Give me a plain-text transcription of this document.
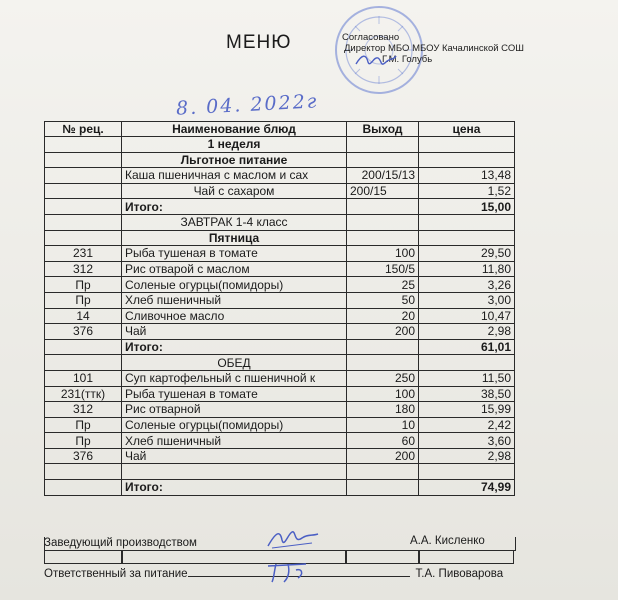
МЕНЮ	Согласовано
Директор МБО МБОУ Качалинской СОШ
Г.М. Голубь
8. 04. 2022г
№ рец.	Наименование блюд	Выход	цена
	1 неделя		
	Льготное питание		
	Каша пшеничная с маслом и сах	200/15/13	13,48
	Чай с сахаром	200/15	1,52
	Итого:		15,00
	ЗАВТРАК 1-4 класс		
	Пятница		
231	Рыба тушеная в томате	100	29,50
312	Рис отварой с маслом	150/5	11,80
Пр	Соленые огурцы(помидоры)	25	3,26
Пр	Хлеб пшеничный	50	3,00
14	Сливочное масло	20	10,47
376	Чай	200	2,98
	Итого:		61,01
	ОБЕД		
101	Суп картофельный с пшеничной к	250	11,50
231(ттк)	Рыба тушеная в томате	100	38,50
312	Рис отварной	180	15,99
Пр	Соленые огурцы(помидоры)	10	2,42
Пр	Хлеб пшеничный	60	3,60
376	Чай	200	2,98

	Итого:		74,99
Заведующий производством	А.А. Кисленко
Ответственный за питание	Т.А. Пивоварова
